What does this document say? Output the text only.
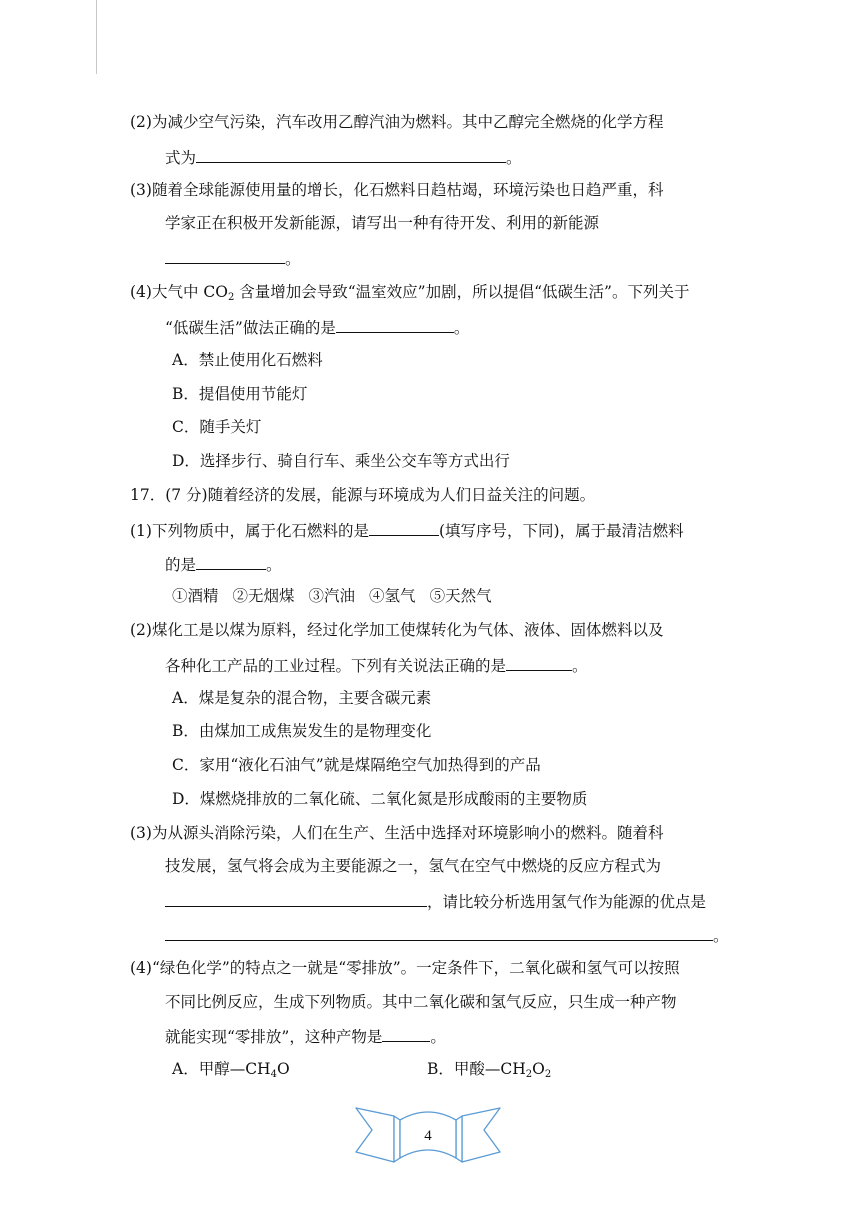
(2)为减少空气污染，汽车改用乙醇汽油为燃料。其中乙醇完全燃烧的化学方程
式为	。
(3)随着全球能源使用量的增长，化石燃料日趋枯竭，环境污染也日趋严重，科
学家正在积极开发新能源，请写出一种有待开发、利用的新能源
。
(4)大气中 $CO_2$ 含量增加会导致“温室效应”加剧，所以提倡“低碳生活”。下列关于
“低碳生活”做法正确的是	。
A．禁止使用化石燃料
B．提倡使用节能灯
C．随手关灯
D．选择步行、骑自行车、乘坐公交车等方式出行
17．(7 分)随着经济的发展，能源与环境成为人们日益关注的问题。
(1)下列物质中，属于化石燃料的是	(填写序号，下同)，属于最清洁燃料
的是	。
①酒精 ②无烟煤 ③汽油 ④氢气 ⑤天然气
(2)煤化工是以煤为原料，经过化学加工使煤转化为气体、液体、固体燃料以及
各种化工产品的工业过程。下列有关说法正确的是	。
A．煤是复杂的混合物，主要含碳元素
B．由煤加工成焦炭发生的是物理变化
C．家用“液化石油气”就是煤隔绝空气加热得到的产品
D．煤燃烧排放的二氧化硫、二氧化氮是形成酸雨的主要物质
(3)为从源头消除污染，人们在生产、生活中选择对环境影响小的燃料。随着科
技发展，氢气将会成为主要能源之一，氢气在空气中燃烧的反应方程式为
，请比较分析选用氢气作为能源的优点是
。
(4)“绿色化学”的特点之一就是“零排放”。一定条件下，二氧化碳和氢气可以按照
不同比例反应，生成下列物质。其中二氧化碳和氢气反应，只生成一种产物
就能实现“零排放”，这种产物是	。
A．甲醇$—CH_4O$	B．甲酸$—CH_2O_2$
4
